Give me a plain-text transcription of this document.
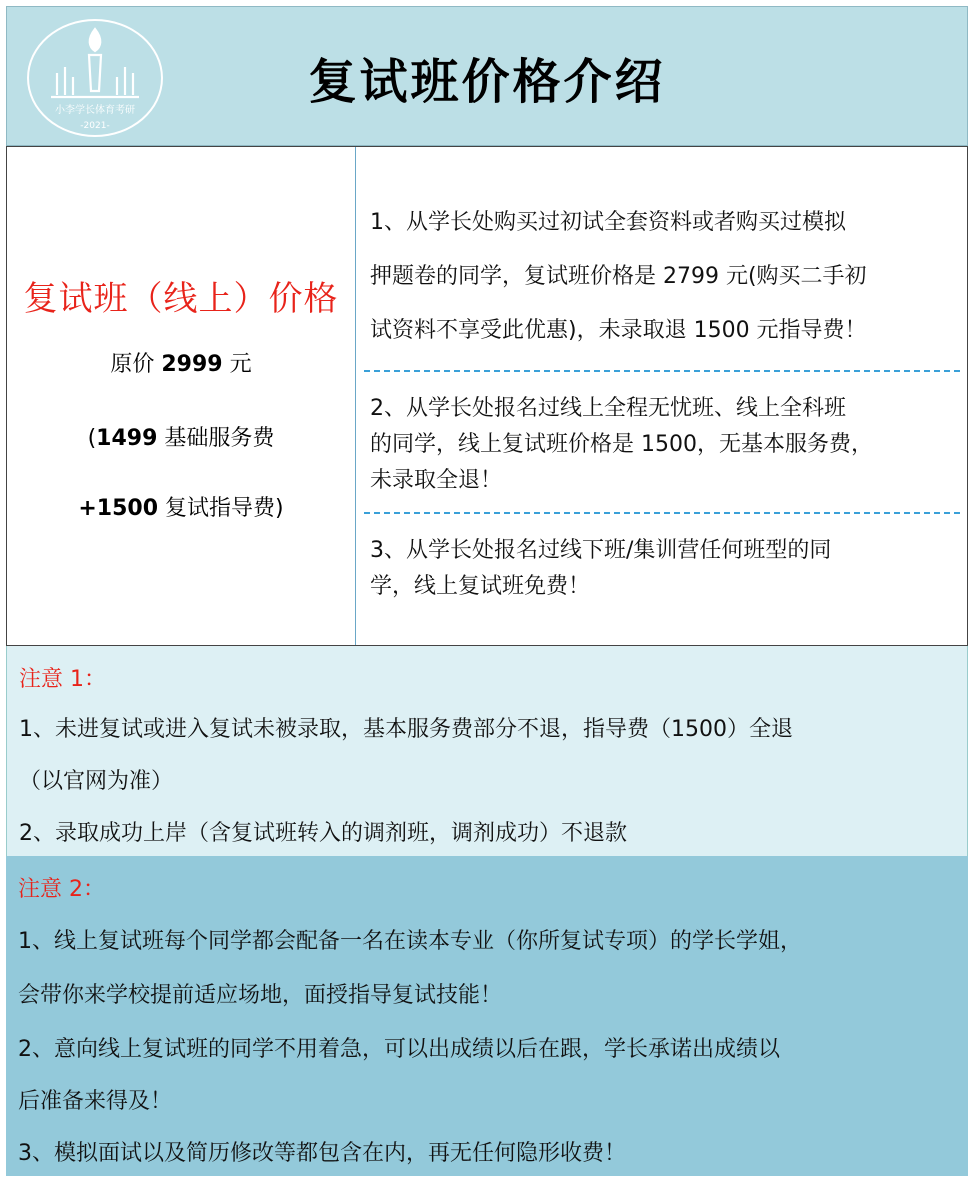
小李学长体育考研
-2021-
复试班价格介绍
复试班（线上）价格
原价 2999 元
(1499 基础服务费
+1500 复试指导费)
1、从学长处购买过初试全套资料或者购买过模拟
押题卷的同学，复试班价格是 2799 元(购买二手初
试资料不享受此优惠)，未录取退 1500 元指导费！
2、从学长处报名过线上全程无忧班、线上全科班
的同学，线上复试班价格是 1500，无基本服务费，
未录取全退！
3、从学长处报名过线下班/集训营任何班型的同
学，线上复试班免费！
注意 1：
1、未进复试或进入复试未被录取，基本服务费部分不退，指导费（1500）全退
（以官网为准）
2、录取成功上岸（含复试班转入的调剂班，调剂成功）不退款
注意 2：
1、线上复试班每个同学都会配备一名在读本专业（你所复试专项）的学长学姐，
会带你来学校提前适应场地，面授指导复试技能！
2、意向线上复试班的同学不用着急，可以出成绩以后在跟，学长承诺出成绩以
后准备来得及！
3、模拟面试以及简历修改等都包含在内，再无任何隐形收费！
